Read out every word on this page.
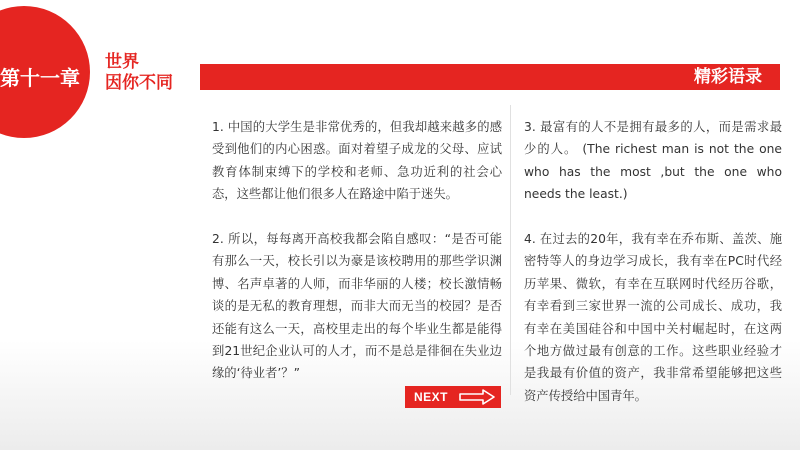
第十一章
世界
因你不同	精彩语录

1. 中国的大学生是非常优秀的，但我却越来越多的感受到他们的内心困惑。面对着望子成龙的父母、应试教育体制束缚下的学校和老师、急功近利的社会心态，这些都让他们很多人在路途中陷于迷失。

2. 所以，每每离开高校我都会陷自感叹：“是否可能有那么一天，校长引以为豪是该校聘用的那些学识渊博、名声卓著的人师，而非华丽的人楼；校长激情畅谈的是无私的教育理想，而非大而无当的校园？是否还能有这么一天，高校里走出的每个毕业生都是能得到21世纪企业认可的人才，而不是总是徘徊在失业边缘的‘待业者’？”

3. 最富有的人不是拥有最多的人，而是需求最少的人。 (The richest man is not the one who has the most ,but the one who needs the least.)

4. 在过去的20年，我有幸在乔布斯、盖茨、施密特等人的身边学习成长，我有幸在PC时代经历苹果、微软，有幸在互联网时代经历谷歌，有幸看到三家世界一流的公司成长、成功，我有幸在美国硅谷和中国中关村崛起时，在这两个地方做过最有创意的工作。这些职业经验才是我最有价值的资产，我非常希望能够把这些资产传授给中国青年。

NEXT
